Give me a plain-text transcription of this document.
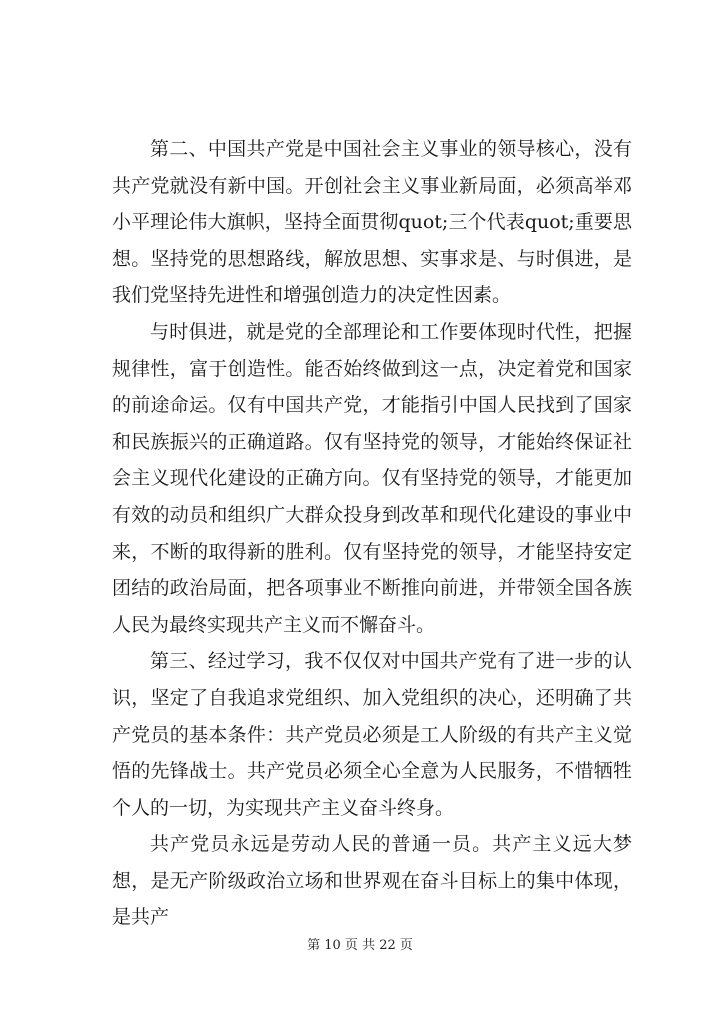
第二、中国共产党是中国社会主义事业的领导核心，没有共产党就没有新中国。开创社会主义事业新局面，必须高举邓小平理论伟大旗帜，坚持全面贯彻quot;三个代表quot;重要思想。坚持党的思想路线，解放思想、实事求是、与时俱进，是我们党坚持先进性和增强创造力的决定性因素。

与时俱进，就是党的全部理论和工作要体现时代性，把握规律性，富于创造性。能否始终做到这一点，决定着党和国家的前途命运。仅有中国共产党，才能指引中国人民找到了国家和民族振兴的正确道路。仅有坚持党的领导，才能始终保证社会主义现代化建设的正确方向。仅有坚持党的领导，才能更加有效的动员和组织广大群众投身到改革和现代化建设的事业中来，不断的取得新的胜利。仅有坚持党的领导，才能坚持安定团结的政治局面，把各项事业不断推向前进，并带领全国各族人民为最终实现共产主义而不懈奋斗。

第三、经过学习，我不仅仅对中国共产党有了进一步的认识，坚定了自我追求党组织、加入党组织的决心，还明确了共产党员的基本条件：共产党员必须是工人阶级的有共产主义觉悟的先锋战士。共产党员必须全心全意为人民服务，不惜牺牲个人的一切，为实现共产主义奋斗终身。

共产党员永远是劳动人民的普通一员。共产主义远大梦想，是无产阶级政治立场和世界观在奋斗目标上的集中体现，是共产

第 10 页 共 22 页
